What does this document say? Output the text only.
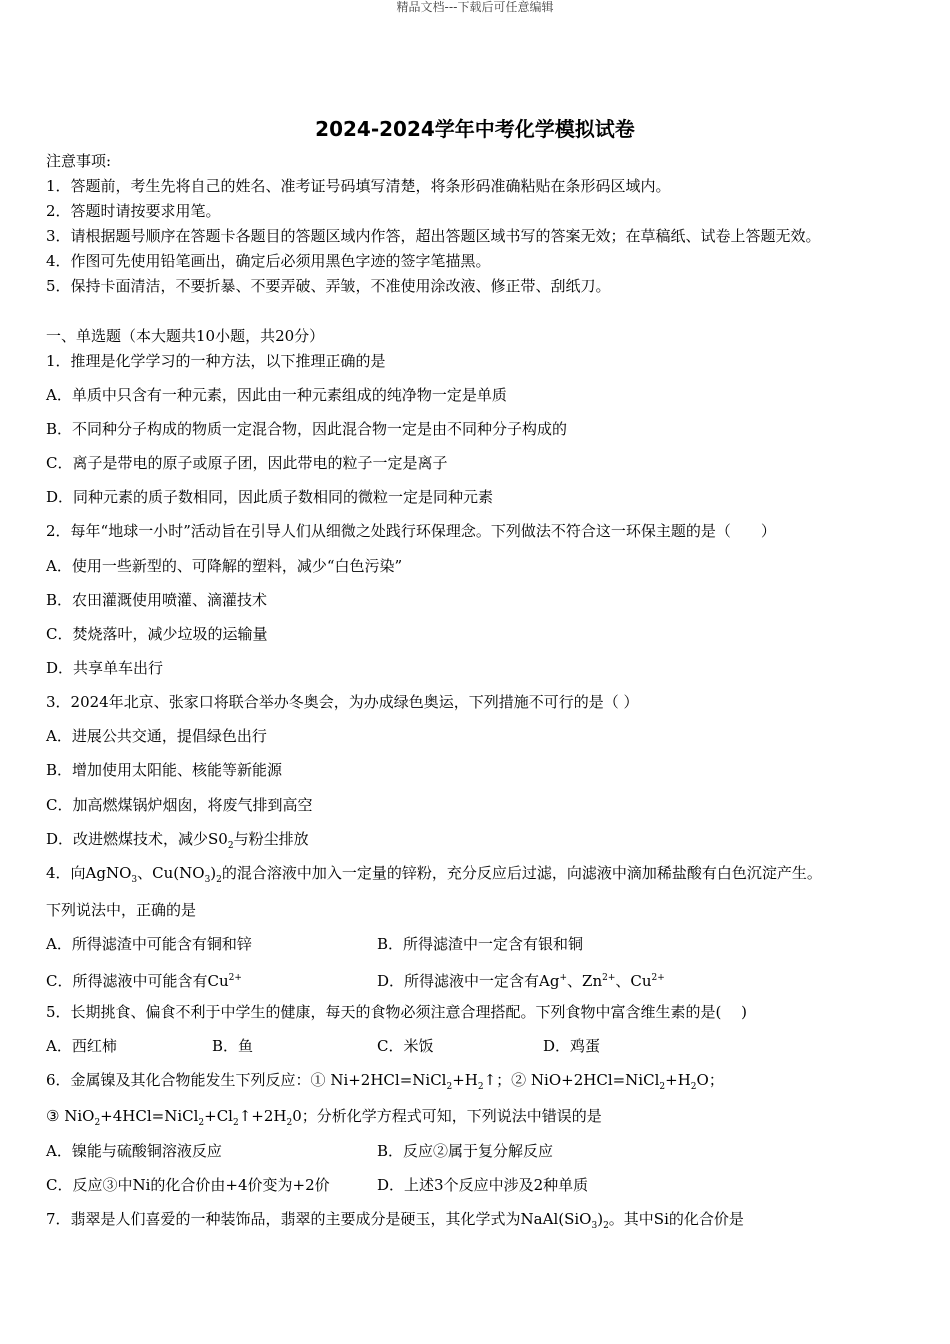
精品文档---下载后可任意编辑
2024-2024学年中考化学模拟试卷
注意事项:
1．答题前，考生先将自己的姓名、准考证号码填写清楚，将条形码准确粘贴在条形码区域内。
2．答题时请按要求用笔。
3．请根据题号顺序在答题卡各题目的答题区域内作答，超出答题区域书写的答案无效；在草稿纸、试卷上答题无效。
4．作图可先使用铅笔画出，确定后必须用黑色字迹的签字笔描黑。
5．保持卡面清洁，不要折暴、不要弄破、弄皱，不准使用涂改液、修正带、刮纸刀。
一、单选题（本大题共10小题，共20分）
1．推理是化学学习的一种方法，以下推理正确的是
A．单质中只含有一种元素，因此由一种元素组成的纯净物一定是单质
B．不同种分子构成的物质一定混合物，因此混合物一定是由不同种分子构成的
C．离子是带电的原子或原子团，因此带电的粒子一定是离子
D．同种元素的质子数相同，因此质子数相同的微粒一定是同种元素
2．每年“地球一小时”活动旨在引导人们从细微之处践行环保理念。下列做法不符合这一环保主题的是（　　）
A．使用一些新型的、可降解的塑料，减少“白色污染”
B．农田灌溉使用喷灌、滴灌技术
C．焚烧落叶，减少垃圾的运输量
D．共享单车出行
3．2024年北京、张家口将联合举办冬奥会，为办成绿色奥运，下列措施不可行的是（ ）
A．进展公共交通，提倡绿色出行
B．增加使用太阳能、核能等新能源
C．加高燃煤锅炉烟囱，将废气排到高空
D．改进燃煤技术，减少$S0_2$与粉尘排放
4．向AgNO$_3$、$Cu(NO_3)_2$的混合溶液中加入一定量的锌粉，充分反应后过滤，向滤液中滴加稀盐酸有白色沉淀产生。
下列说法中，正确的是
A．所得滤渣中可能含有铜和锌	B．所得滤渣中一定含有银和铜
C．所得滤液中可能含有$Cu^{2+}$	D．所得滤液中一定含有Ag+、$Zn^{2+}$、$Cu^{2+}$
5．长期挑食、偏食不利于中学生的健康，每天的食物必须注意合理搭配。下列食物中富含维生素的是(　 )
A．西红柿	B．鱼	C．米饭	D．鸡蛋
6．金属镍及其化合物能发生下列反应：① $Ni+2HCl=NiCl_2+H_2↑$；② $NiO+2HCl=NiCl_2+H_2O$；
③ $NiO_2+4HCl=NiCl_2+Cl_2↑+2H_20$；分析化学方程式可知，下列说法中错误的是
A．镍能与硫酸铜溶液反应	B．反应②属于复分解反应
C．反应③中Ni的化合价由+4价变为+2价	D．上述3个反应中涉及2种单质
7．翡翠是人们喜爱的一种装饰品，翡翠的主要成分是硬玉，其化学式为$NaAl(SiO_3)_2$。其中Si的化合价是
